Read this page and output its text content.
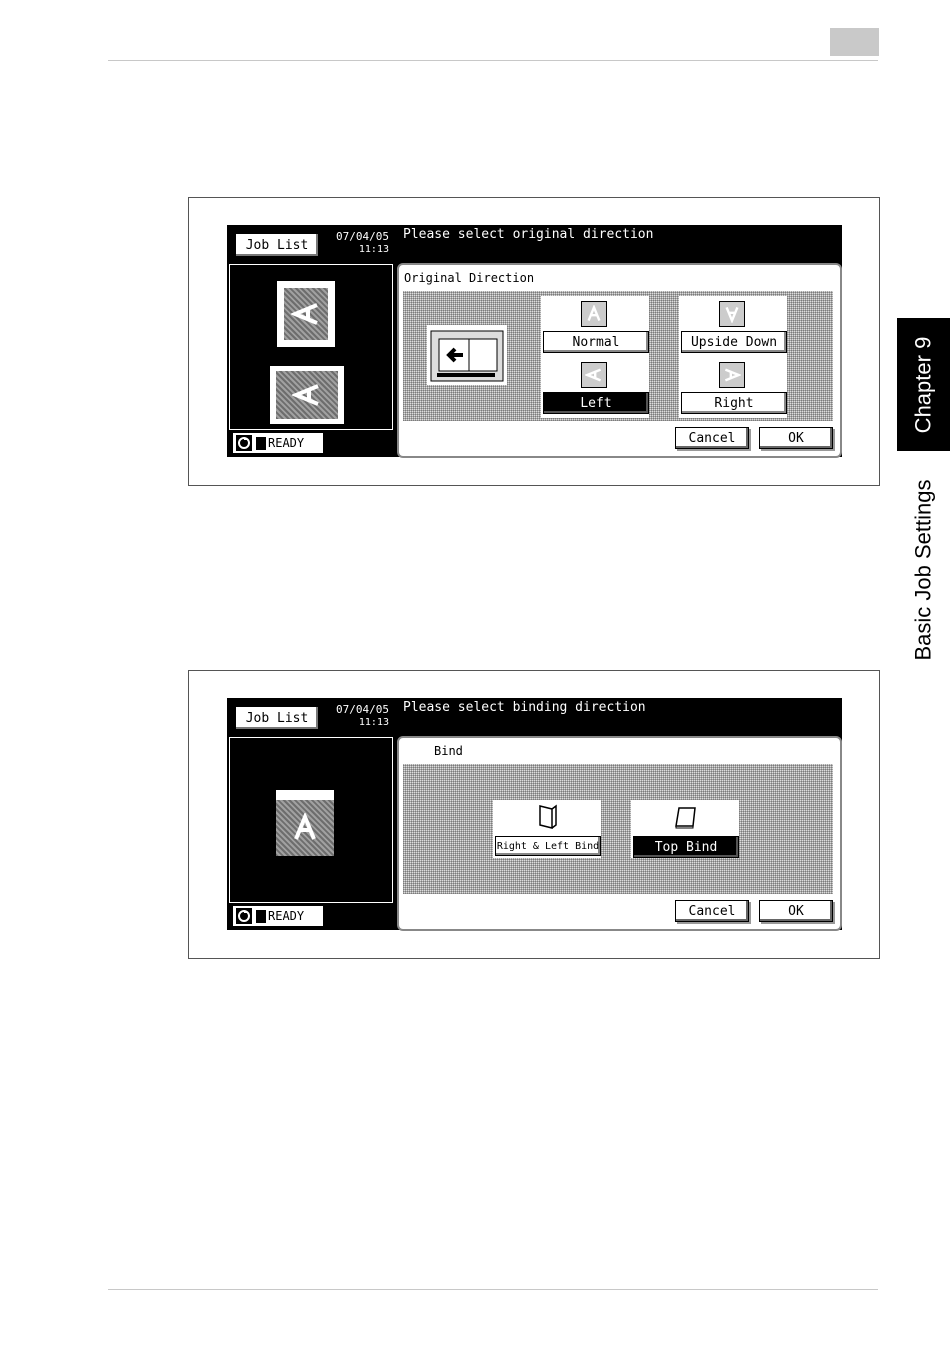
Chapter 9
Basic Job Settings
Job List
07/04/05
11:13
Please select original direction
READY
Original Direction
Normal	Upside Down
Left	Right
Cancel	OK
Job List
07/04/05
11:13
Please select binding direction
READY
Bind
Right & Left Bind	Top Bind
Cancel	OK
